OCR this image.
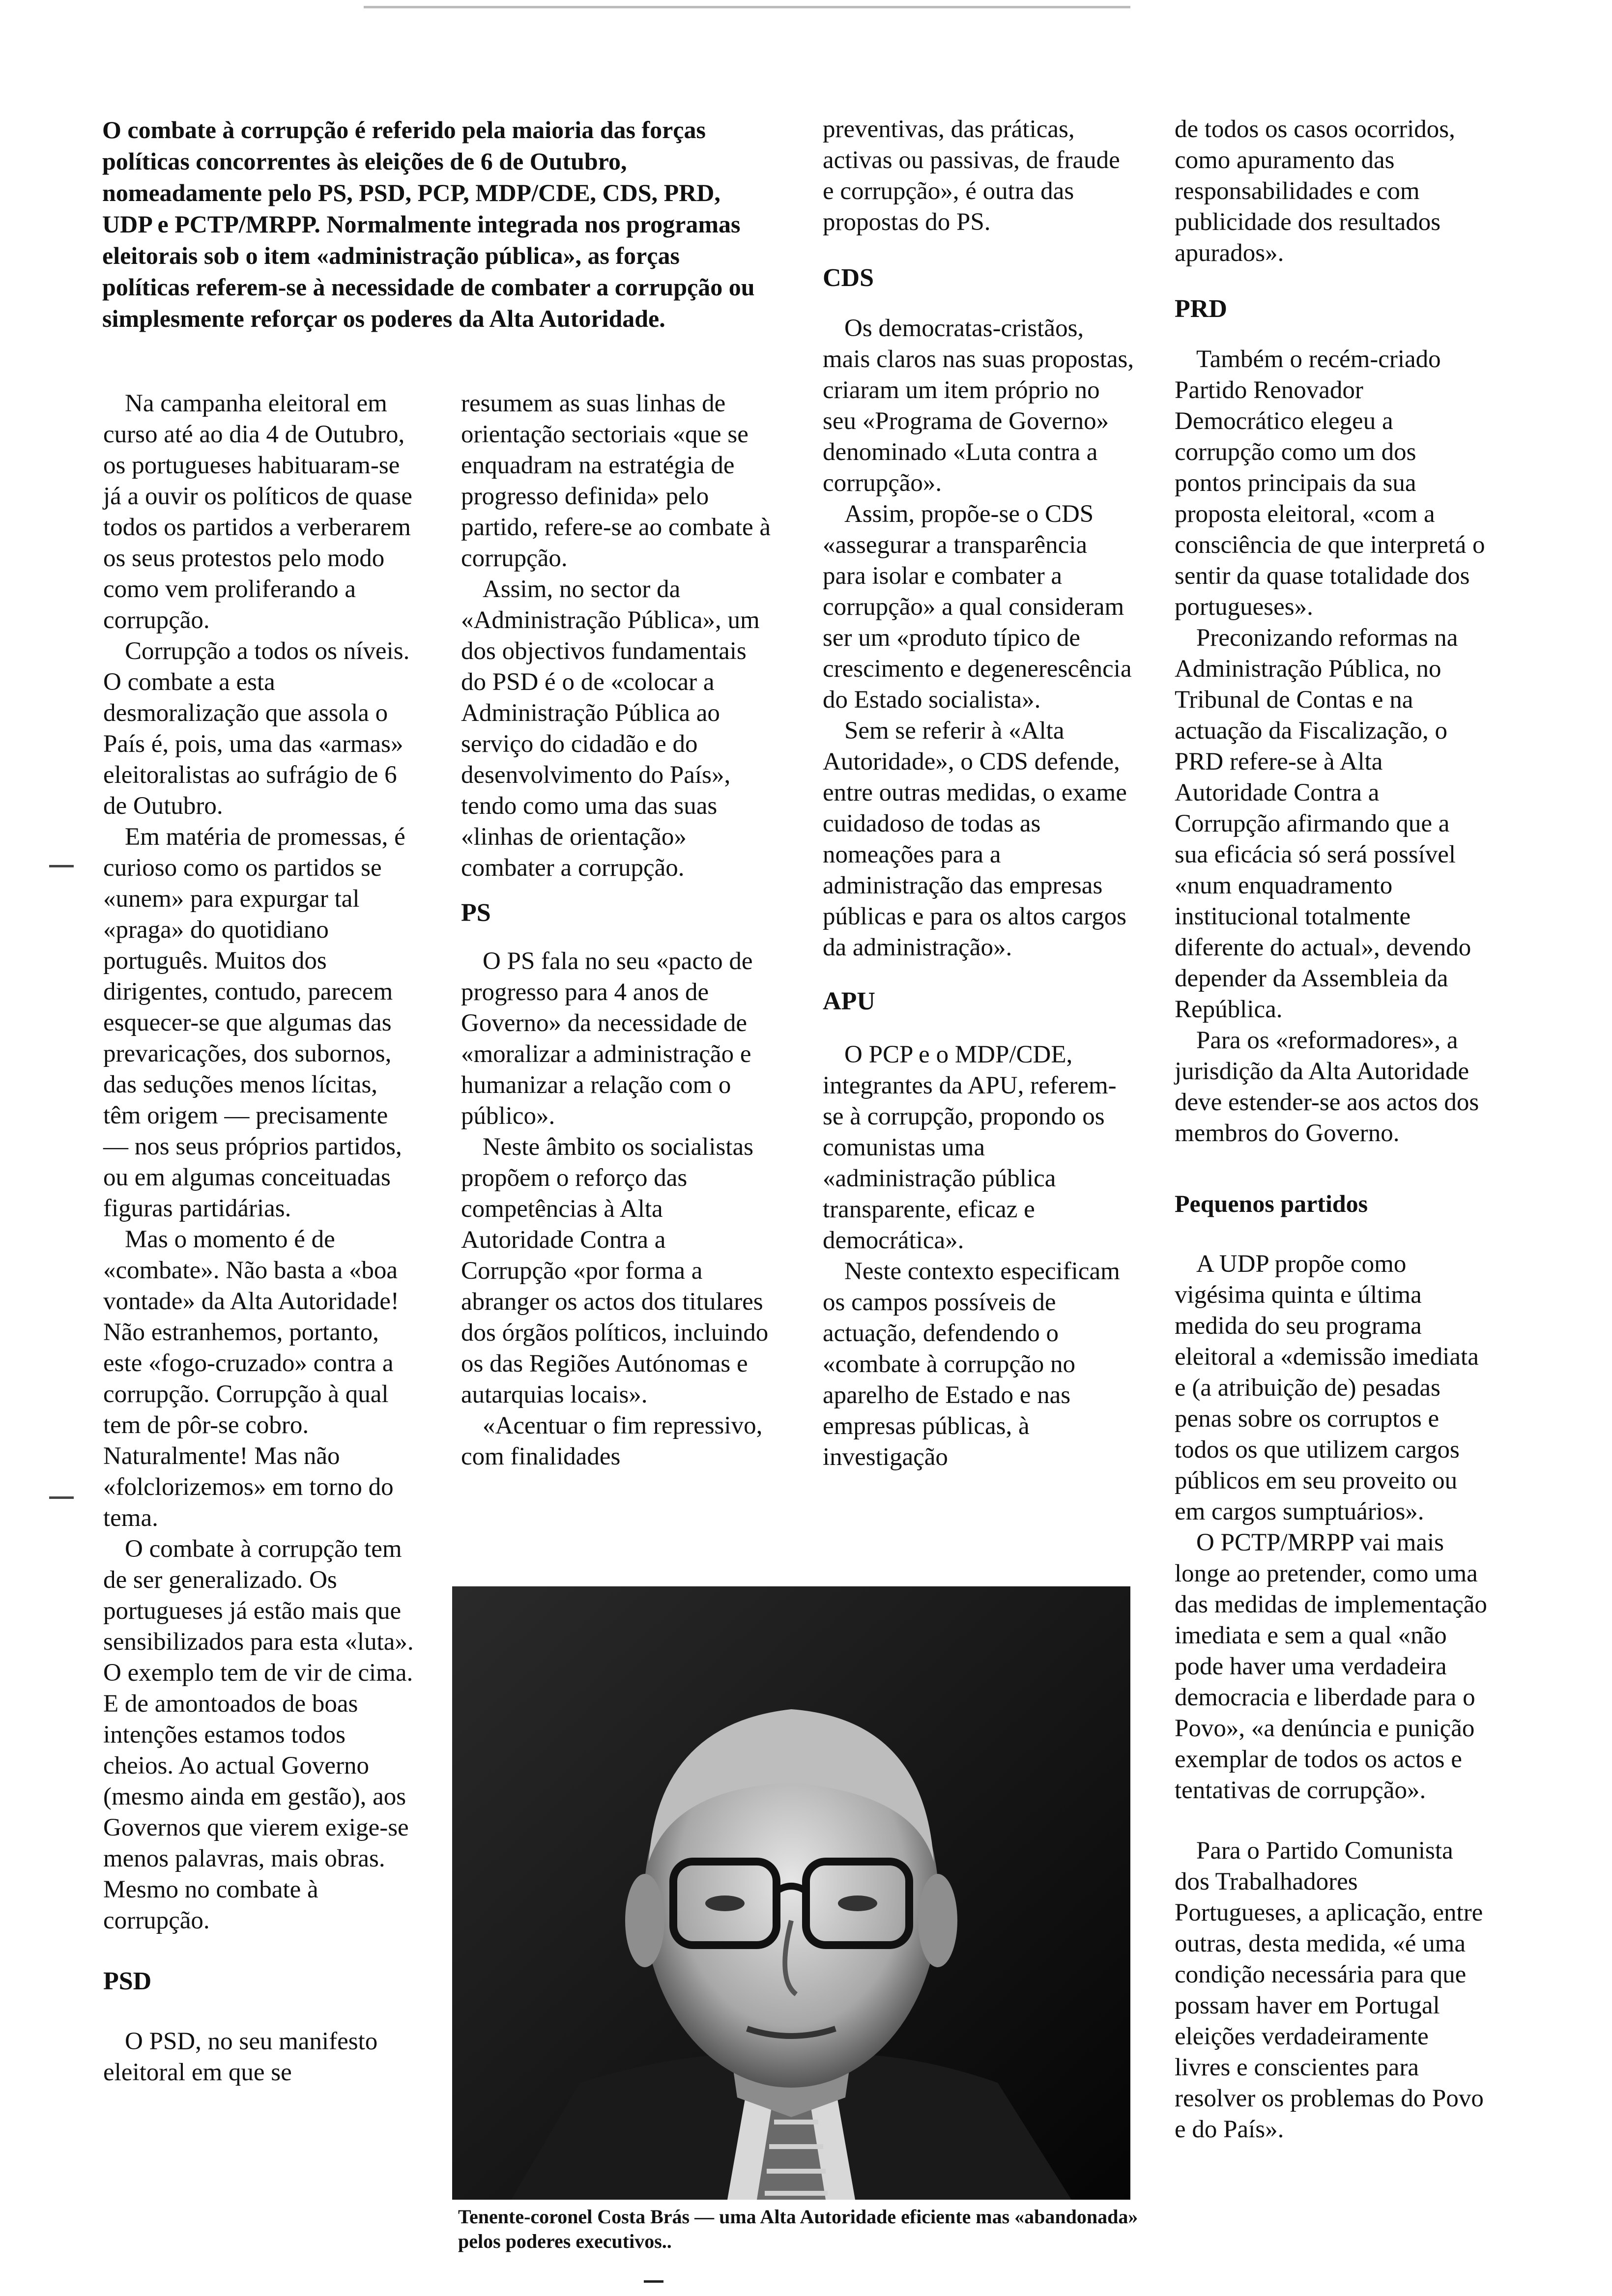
O combate à corrupção é referido pela maioria das forças políticas concorrentes às eleições de 6 de Outubro, nomeadamente pelo PS, PSD, PCP, MDP/CDE, CDS, PRD, UDP e PCTP/MRPP. Normalmente integrada nos programas eleitorais sob o item «administração pública», as forças políticas referem-se à necessidade de combater a corrupção ou simplesmente reforçar os poderes da Alta Autoridade.

Na campanha eleitoral em curso até ao dia 4 de Outubro, os portugueses habituaram-se já a ouvir os políticos de quase todos os partidos a verberarem os seus protestos pelo modo como vem proliferando a corrupção.

Corrupção a todos os níveis. O combate a esta desmoralização que assola o País é, pois, uma das «armas» eleitoralistas ao sufrágio de 6 de Outubro.

Em matéria de promessas, é curioso como os partidos se «unem» para expurgar tal «praga» do quotidiano português. Muitos dos dirigentes, contudo, parecem esquecer-se que algumas das prevaricações, dos subornos, das seduções menos lícitas, têm origem — precisamente — nos seus próprios partidos, ou em algumas conceituadas figuras partidárias.

Mas o momento é de «combate». Não basta a «boa vontade» da Alta Autoridade! Não estranhemos, portanto, este «fogo-cruzado» contra a corrupção. Corrupção à qual tem de pôr-se cobro. Naturalmente! Mas não «folclorizemos» em torno do tema.

O combate à corrupção tem de ser generalizado. Os portugueses já estão mais que sensibilizados para esta «luta». O exemplo tem de vir de cima. E de amontoados de boas intenções estamos todos cheios. Ao actual Governo (mesmo ainda em gestão), aos Governos que vierem exige-se menos palavras, mais obras. Mesmo no combate à corrupção.

PSD

O PSD, no seu manifesto eleitoral em que se

resumem as suas linhas de orientação sectoriais «que se enquadram na estratégia de progresso definida» pelo partido, refere-se ao combate à corrupção.

Assim, no sector da «Administração Pública», um dos objectivos fundamentais do PSD é o de «colocar a Administração Pública ao serviço do cidadão e do desenvolvimento do País», tendo como uma das suas «linhas de orientação» combater a corrupção.

PS

O PS fala no seu «pacto de progresso para 4 anos de Governo» da necessidade de «moralizar a administração e humanizar a relação com o público».

Neste âmbito os socialistas propõem o reforço das competências à Alta Autoridade Contra a Corrupção «por forma a abranger os actos dos titulares dos órgãos políticos, incluindo os das Regiões Autónomas e autarquias locais».

«Acentuar o fim repressivo, com finalidades

preventivas, das práticas, activas ou passivas, de fraude e corrupção», é outra das propostas do PS.

CDS

Os democratas-cristãos, mais claros nas suas propostas, criaram um item próprio no seu «Programa de Governo» denominado «Luta contra a corrupção».

Assim, propõe-se o CDS «assegurar a transparência para isolar e combater a corrupção» a qual consideram ser um «produto típico de crescimento e degenerescência do Estado socialista».

Sem se referir à «Alta Autoridade», o CDS defende, entre outras medidas, o exame cuidadoso de todas as nomeações para a administração das empresas públicas e para os altos cargos da administração».

APU

O PCP e o MDP/CDE, integrantes da APU, referem-se à corrupção, propondo os comunistas uma «administração pública transparente, eficaz e democrática».

Neste contexto especificam os campos possíveis de actuação, defendendo o «combate à corrupção no aparelho de Estado e nas empresas públicas, à investigação

de todos os casos ocorridos, como apuramento das responsabilidades e com publicidade dos resultados apurados».

PRD

Também o recém-criado Partido Renovador Democrático elegeu a corrupção como um dos pontos principais da sua proposta eleitoral, «com a consciência de que interpretá o sentir da quase totalidade dos portugueses».

Preconizando reformas na Administração Pública, no Tribunal de Contas e na actuação da Fiscalização, o PRD refere-se à Alta Autoridade Contra a Corrupção afirmando que a sua eficácia só será possível «num enquadramento institucional totalmente diferente do actual», devendo depender da Assembleia da República.

Para os «reformadores», a jurisdição da Alta Autoridade deve estender-se aos actos dos membros do Governo.

Pequenos partidos

A UDP propõe como vigésima quinta e última medida do seu programa eleitoral a «demissão imediata e (a atribuição de) pesadas penas sobre os corruptos e todos os que utilizem cargos públicos em seu proveito ou em cargos sumptuários».

O PCTP/MRPP vai mais longe ao pretender, como uma das medidas de implementação imediata e sem a qual «não pode haver uma verdadeira democracia e liberdade para o Povo», «a denúncia e punição exemplar de todos os actos e tentativas de corrupção».

Para o Partido Comunista dos Trabalhadores Portugueses, a aplicação, entre outras, desta medida, «é uma condição necessária para que possam haver em Portugal eleições verdadeiramente livres e conscientes para resolver os problemas do Povo e do País».

Tenente-coronel Costa Brás — uma Alta Autoridade eficiente mas «abandonada» pelos poderes executivos..
